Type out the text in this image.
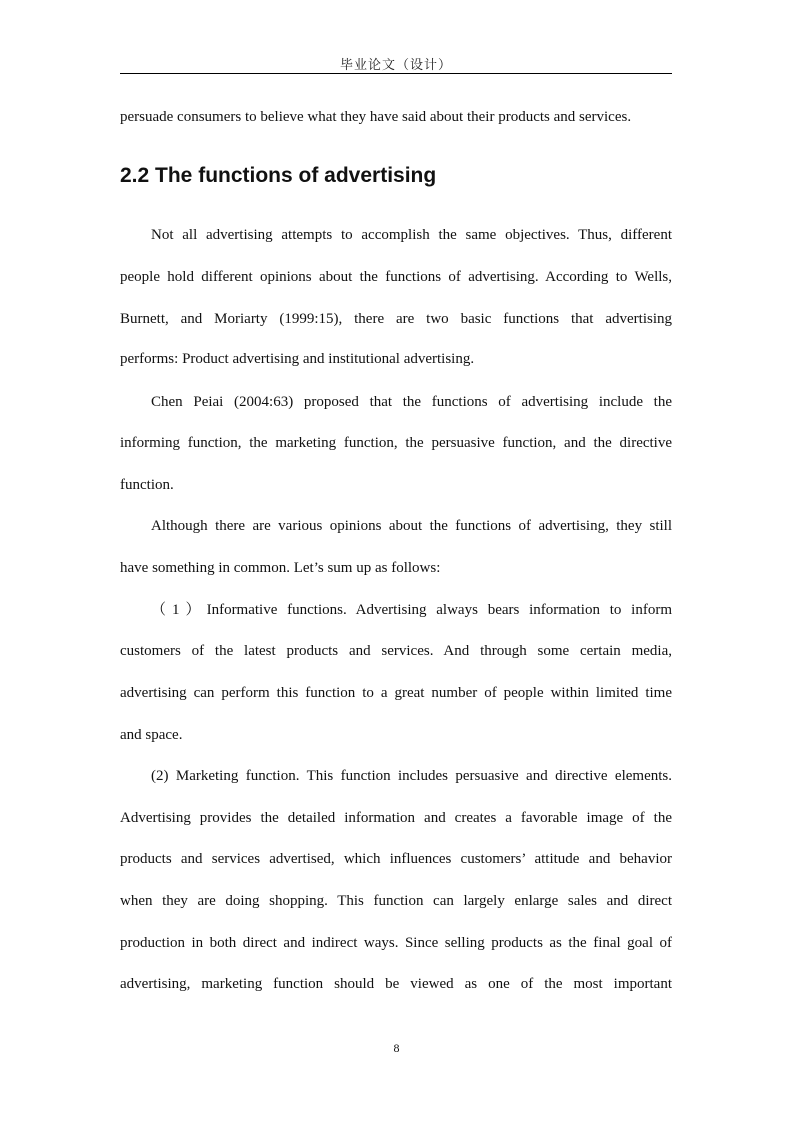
毕业论文（设计）
persuade consumers to believe what they have said about their products and services.
2.2 The functions of advertising
Not all advertising attempts to accomplish the same objectives. Thus, different
people hold different opinions about the functions of advertising. According to Wells,
Burnett, and Moriarty (1999:15), there are two basic functions that advertising
performs: Product advertising and institutional advertising.
Chen Peiai (2004:63) proposed that the functions of advertising include the
informing function, the marketing function, the persuasive function, and the directive
function.
Although there are various opinions about the functions of advertising, they still
have something in common. Let’s sum up as follows:
（1）Informative functions. Advertising always bears information to inform
customers of the latest products and services. And through some certain media,
advertising can perform this function to a great number of people within limited time
and space.
(2) Marketing function. This function includes persuasive and directive elements.
Advertising provides the detailed information and creates a favorable image of the
products and services advertised, which influences customers’ attitude and behavior
when they are doing shopping. This function can largely enlarge sales and direct
production in both direct and indirect ways. Since selling products as the final goal of
advertising, marketing function should be viewed as one of the most important
8
